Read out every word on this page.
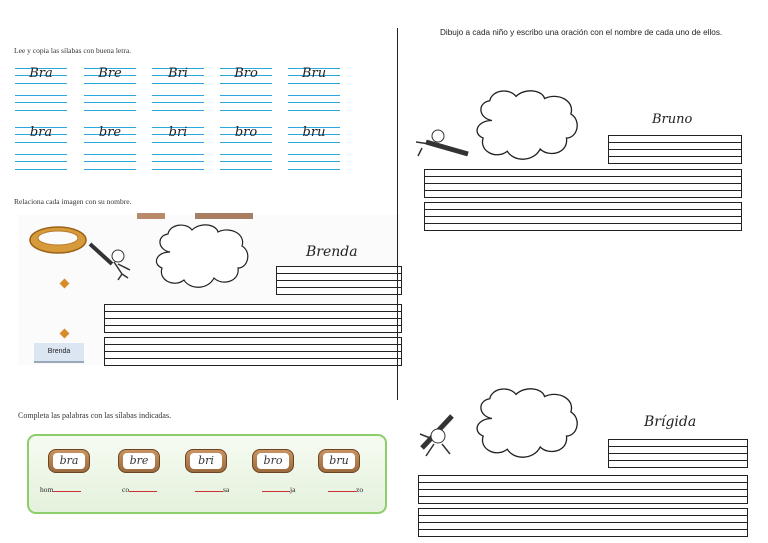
Lee y copia las sílabas con buena letra.
Bra	Bre	Bri	Bro	Bru
bra	bre	bri	bro	bru
Relaciona cada imagen con su nombre.
Brenda
Brenda
Completa las palabras con las sílabas indicadas.
bra	bre	bri	bro	bru
hom	co	sa	ja	zo
Dibujo a cada niño y escribo una oración con el nombre de cada uno de ellos.
Bruno
Brígida
